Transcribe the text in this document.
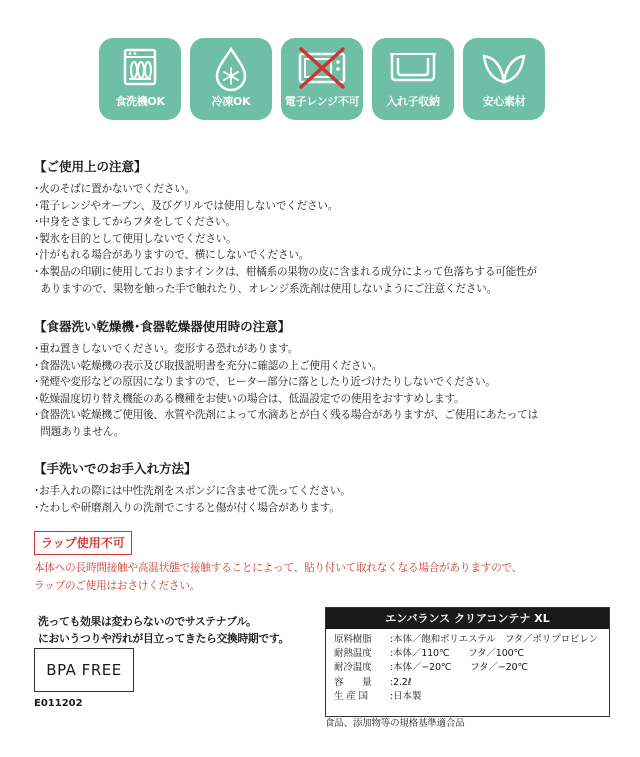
食洗機OK	冷凍OK	電子レンジ不可	入れ子収納	安心素材
【ご使用上の注意】
･火のそばに置かないでください。
･電子レンジやオーブン、及びグリルでは使用しないでください。
･中身をさましてからフタをしてください。
･製氷を目的として使用しないでください。
･汁がもれる場合がありますので、横にしないでください。
･本製品の印刷に使用しておりますインクは、柑橘系の果物の皮に含まれる成分によって色落ちする可能性が
ありますので、果物を触った手で触れたり、オレンジ系洗剤は使用しないようにご注意ください。
【食器洗い乾燥機･食器乾燥器使用時の注意】
･重ね置きしないでください。変形する恐れがあります。
･食器洗い乾燥機の表示及び取扱説明書を充分に確認の上ご使用ください。
･発煙や変形などの原因になりますので、ヒーター部分に落としたり近づけたりしないでください。
･乾燥温度切り替え機能のある機種をお使いの場合は、低温設定での使用をおすすめします。
･食器洗い乾燥機ご使用後、水質や洗剤によって水滴あとが白く残る場合がありますが、ご使用にあたっては
問題ありません。
【手洗いでのお手入れ方法】
･お手入れの際には中性洗剤をスポンジに含ませて洗ってください。
･たわしや研磨剤入りの洗剤でこすると傷が付く場合があります。
ラップ使用不可
本体への長時間接触や高温状態で接触することによって、貼り付いて取れなくなる場合がありますので、
ラップのご使用はおさけください。
洗っても効果は変わらないのでサステナブル。
においうつりや汚れが目立ってきたら交換時期です。
BPA FREE
E011202
エンバランス クリアコンテナ XL
原料樹脂	:本体／飽和ポリエステル　フタ／ポリプロピレン
耐熱温度	:本体／110℃　　フタ／100℃
耐冷温度	:本体／−20℃　　フタ／−20℃
容　　量	:2.2ℓ
生 産 国	:日本製
食品、添加物等の規格基準適合品
